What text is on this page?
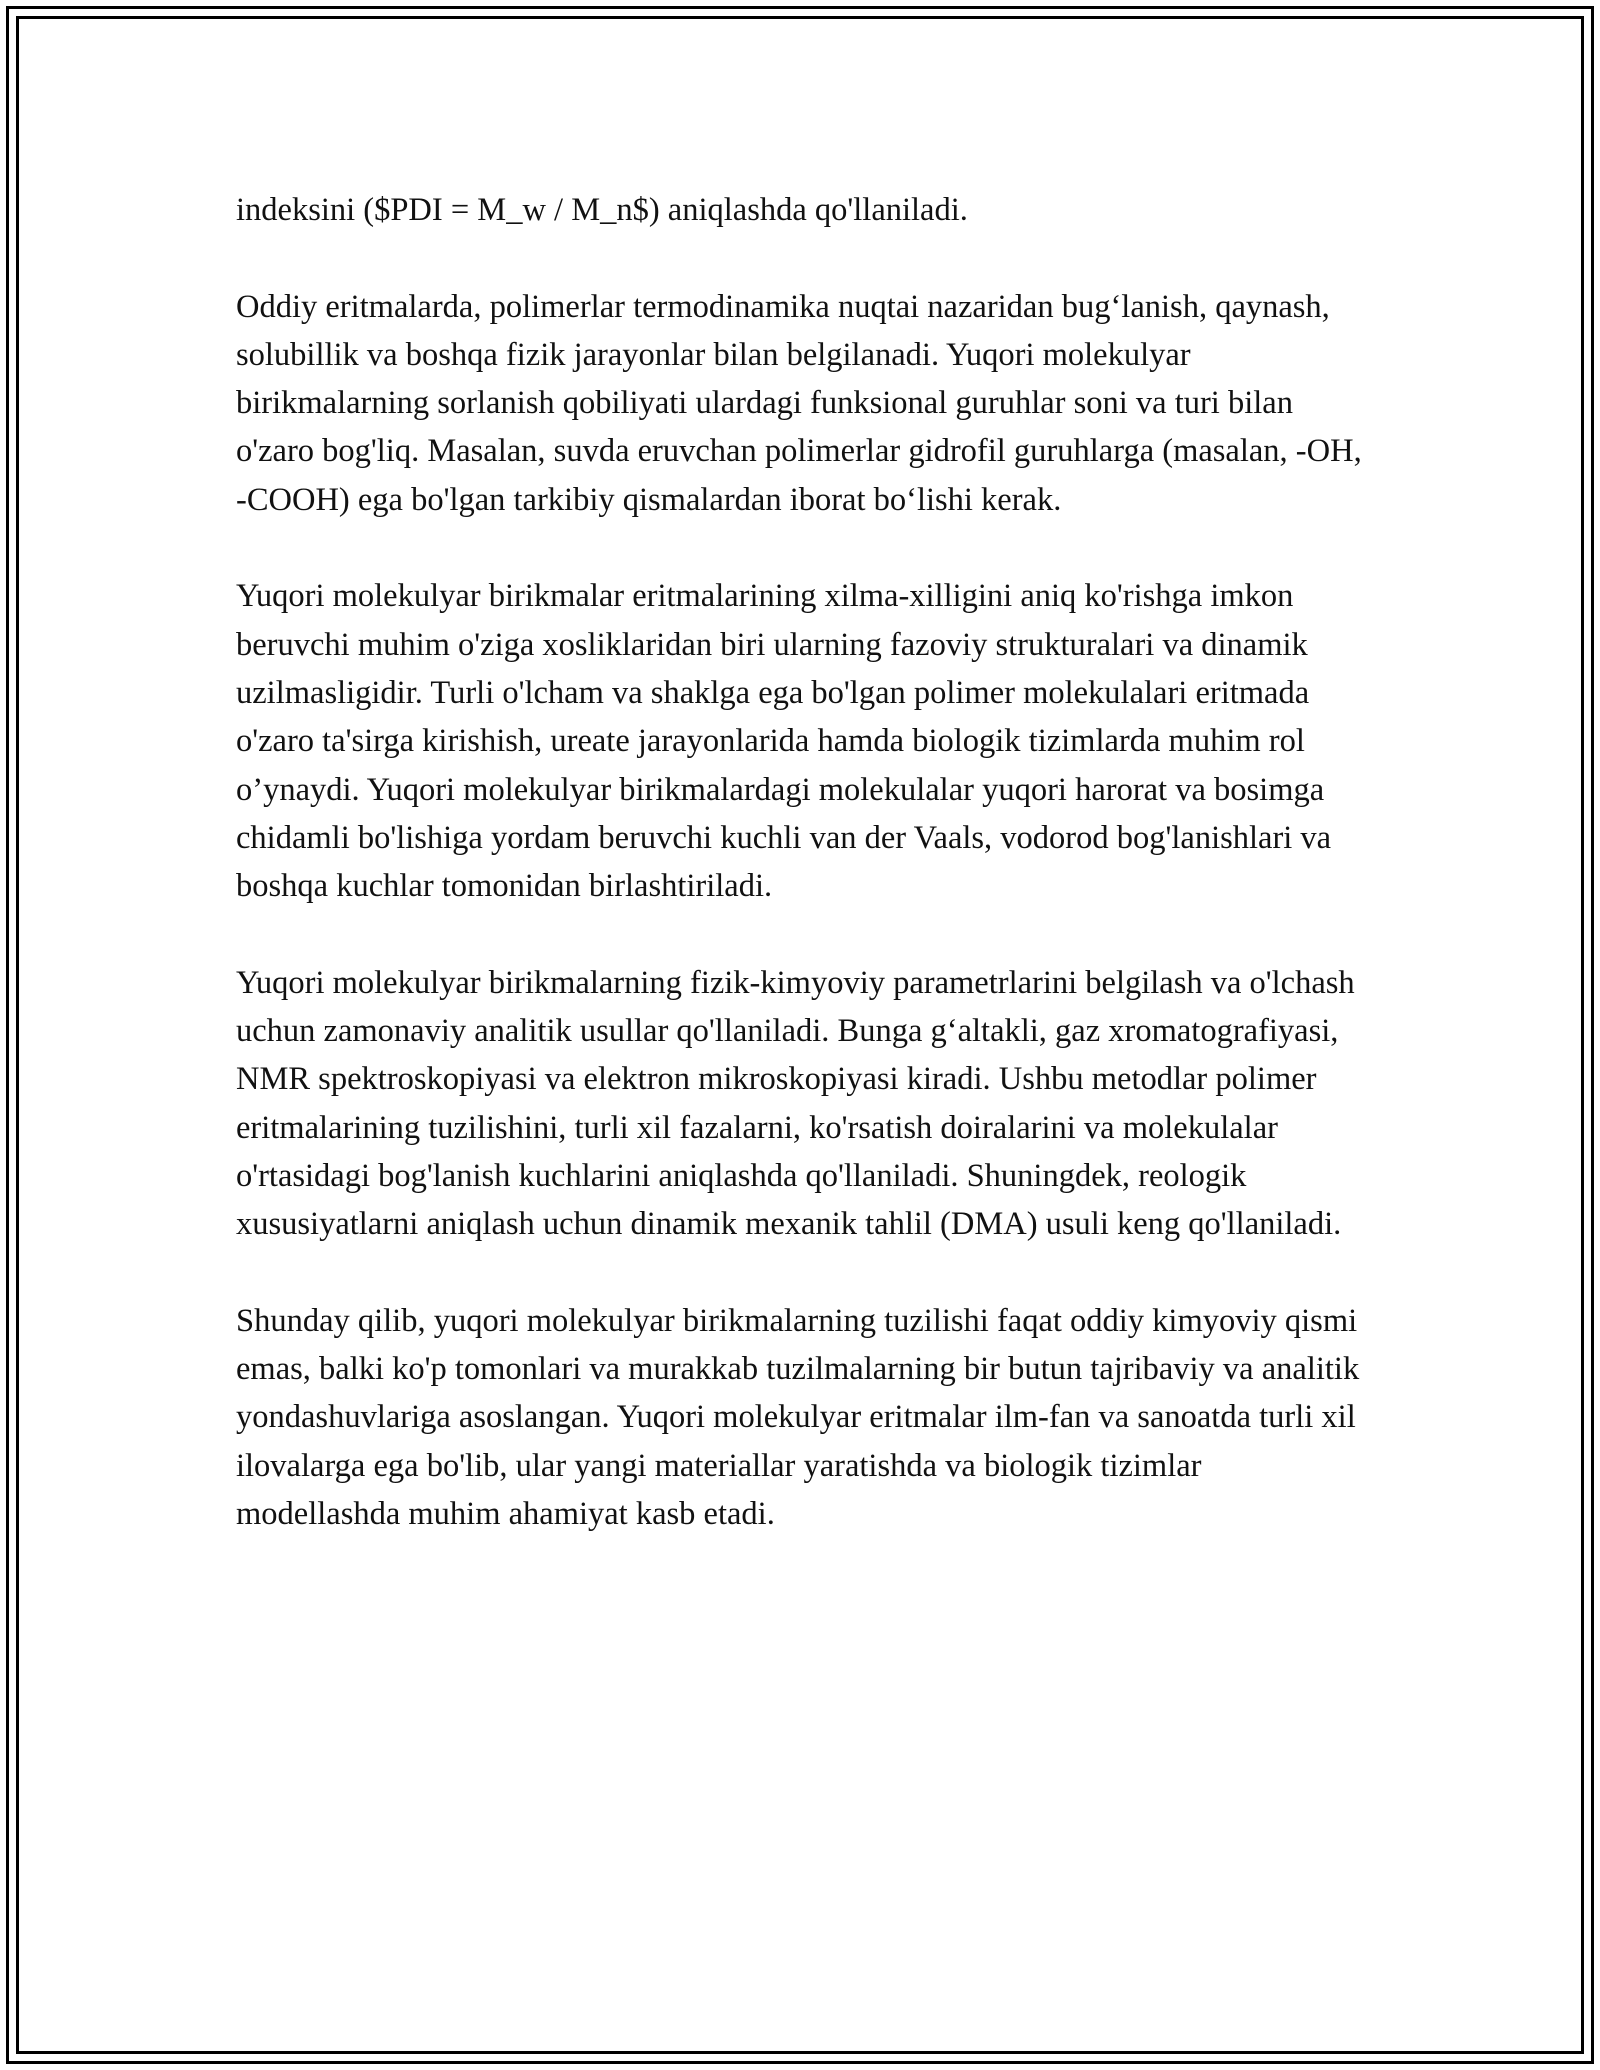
indeksini ($PDI = M_w / M_n$) aniqlashda qo'llaniladi.

Oddiy eritmalarda, polimerlar termodinamika nuqtai nazaridan bug‘lanish, qaynash, solubillik va boshqa fizik jarayonlar bilan belgilanadi. Yuqori molekulyar birikmalarning sorlanish qobiliyati ulardagi funksional guruhlar soni va turi bilan o'zaro bog'liq. Masalan, suvda eruvchan polimerlar gidrofil guruhlarga (masalan, -OH, -COOH) ega bo'lgan tarkibiy qismalardan iborat bo‘lishi kerak.

Yuqori molekulyar birikmalar eritmalarining xilma-xilligini aniq ko'rishga imkon beruvchi muhim o'ziga xosliklaridan biri ularning fazoviy strukturalari va dinamik uzilmasligidir. Turli o'lcham va shaklga ega bo'lgan polimer molekulalari eritmada o'zaro ta'sirga kirishish, ureate jarayonlarida hamda biologik tizimlarda muhim rol o’ynaydi. Yuqori molekulyar birikmalardagi molekulalar yuqori harorat va bosimga chidamli bo'lishiga yordam beruvchi kuchli van der Vaals, vodorod bog'lanishlari va boshqa kuchlar tomonidan birlashtiriladi.

Yuqori molekulyar birikmalarning fizik-kimyoviy parametrlarini belgilash va o'lchash uchun zamonaviy analitik usullar qo'llaniladi. Bunga g‘altakli, gaz xromatografiyasi, NMR spektroskopiyasi va elektron mikroskopiyasi kiradi. Ushbu metodlar polimer eritmalarining tuzilishini, turli xil fazalarni, ko'rsatish doiralarini va molekulalar o'rtasidagi bog'lanish kuchlarini aniqlashda qo'llaniladi. Shuningdek, reologik xususiyatlarni aniqlash uchun dinamik mexanik tahlil (DMA) usuli keng qo'llaniladi.

Shunday qilib, yuqori molekulyar birikmalarning tuzilishi faqat oddiy kimyoviy qismi emas, balki ko'p tomonlari va murakkab tuzilmalarning bir butun tajribaviy va analitik yondashuvlariga asoslangan. Yuqori molekulyar eritmalar ilm-fan va sanoatda turli xil ilovalarga ega bo'lib, ular yangi materiallar yaratishda va biologik tizimlar modellashda muhim ahamiyat kasb etadi.
